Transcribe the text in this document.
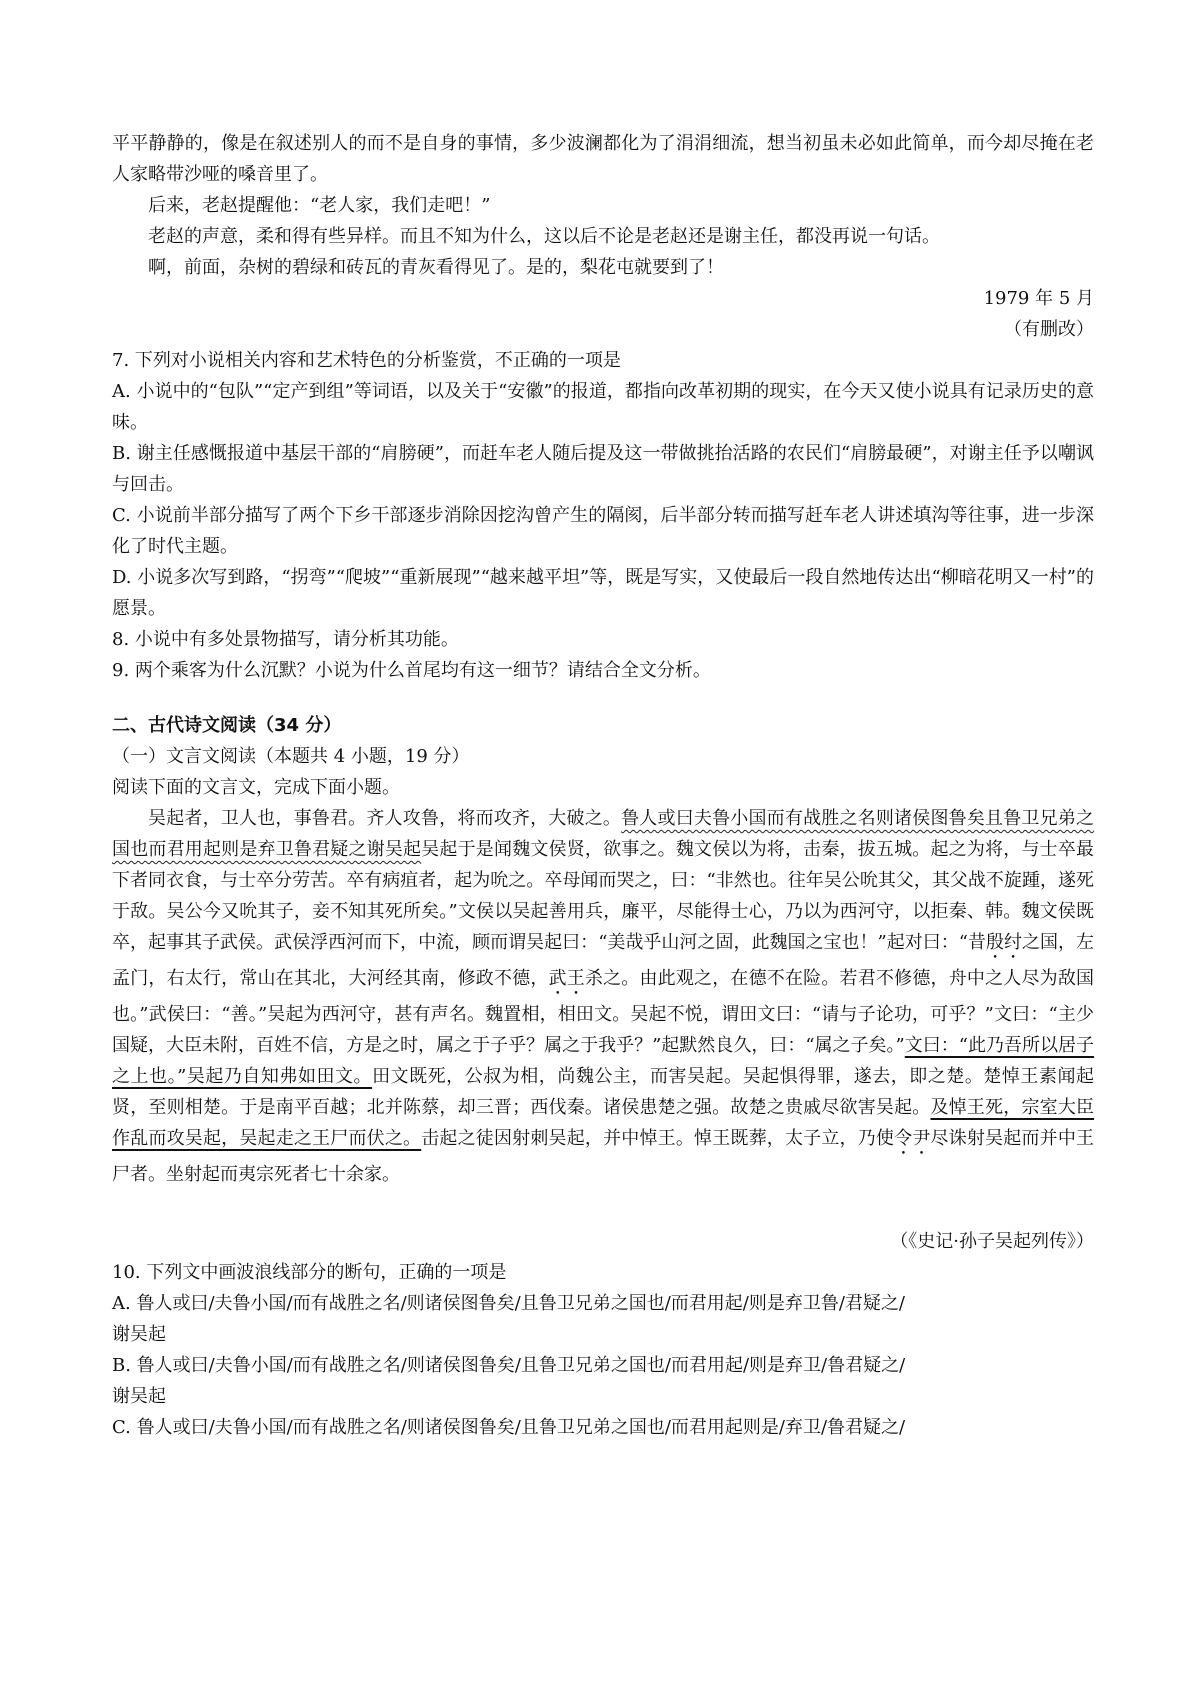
平平静静的，像是在叙述别人的而不是自身的事情，多少波澜都化为了涓涓细流，想当初虽未必如此简单，而今却尽掩在老人家略带沙哑的嗓音里了。

后来，老赵提醒他：“老人家，我们走吧！”

老赵的声意，柔和得有些异样。而且不知为什么，这以后不论是老赵还是谢主任，都没再说一句话。

啊，前面，杂树的碧绿和砖瓦的青灰看得见了。是的，梨花屯就要到了！

1979 年 5 月

（有删改）

7. 下列对小说相关内容和艺术特色的分析鉴赏，不正确的一项是

A. 小说中的“包队”“定产到组”等词语，以及关于“安徽”的报道，都指向改革初期的现实，在今天又使小说具有记录历史的意味。

B. 谢主任感慨报道中基层干部的“肩膀硬”，而赶车老人随后提及这一带做挑抬活路的农民们“肩膀最硬”，对谢主任予以嘲讽与回击。

C. 小说前半部分描写了两个下乡干部逐步消除因挖沟曾产生的隔阂，后半部分转而描写赶车老人讲述填沟等往事，进一步深化了时代主题。

D. 小说多次写到路，“拐弯”“爬坡”“重新展现”“越来越平坦”等，既是写实，又使最后一段自然地传达出“柳暗花明又一村”的愿景。

8. 小说中有多处景物描写，请分析其功能。

9. 两个乘客为什么沉默？小说为什么首尾均有这一细节？请结合全文分析。

二、古代诗文阅读（34 分）

（一）文言文阅读（本题共 4 小题，19 分）

阅读下面的文言文，完成下面小题。

吴起者，卫人也，事鲁君。齐人攻鲁，将而攻齐，大破之。鲁人或曰夫鲁小国而有战胜之名则诸侯图鲁矣且鲁卫兄弟之国也而君用起则是弃卫鲁君疑之谢吴起吴起于是闻魏文侯贤，欲事之。魏文侯以为将，击秦，拔五城。起之为将，与士卒最下者同衣食，与士卒分劳苦。卒有病疽者，起为吮之。卒母闻而哭之，曰：“非然也。往年吴公吮其父，其父战不旋踵，遂死于敌。吴公今又吮其子，妾不知其死所矣。”文侯以吴起善用兵，廉平，尽能得士心，乃以为西河守，以拒秦、韩。魏文侯既卒，起事其子武侯。武侯浮西河而下，中流，顾而谓吴起曰：“美哉乎山河之固，此魏国之宝也！”起对曰：“昔殷纣之国，左孟门，右太行，常山在其北，大河经其南，修政不德，武王杀之。由此观之，在德不在险。若君不修德，舟中之人尽为敌国也。”武侯曰：“善。”吴起为西河守，甚有声名。魏置相，相田文。吴起不悦，谓田文曰：“请与子论功，可乎？”文曰：“主少国疑，大臣未附，百姓不信，方是之时，属之于子乎？属之于我乎？”起默然良久，曰：“属之子矣。”文曰：“此乃吾所以居子之上也。”吴起乃自知弗如田文。田文既死，公叔为相，尚魏公主，而害吴起。吴起惧得罪，遂去，即之楚。楚悼王素闻起贤，至则相楚。于是南平百越；北并陈蔡，却三晋；西伐秦。诸侯患楚之强。故楚之贵戚尽欲害吴起。及悼王死，宗室大臣作乱而攻吴起，吴起走之王尸而伏之。击起之徒因射刺吴起，并中悼王。悼王既葬，太子立，乃使令尹尽诛射吴起而并中王尸者。坐射起而夷宗死者七十余家。

（《史记·孙子吴起列传》）

10. 下列文中画波浪线部分的断句，正确的一项是

A. 鲁人或曰/夫鲁小国/而有战胜之名/则诸侯图鲁矣/且鲁卫兄弟之国也/而君用起/则是弃卫鲁/君疑之/
谢吴起

B. 鲁人或曰/夫鲁小国/而有战胜之名/则诸侯图鲁矣/且鲁卫兄弟之国也/而君用起/则是弃卫/鲁君疑之/
谢吴起

C. 鲁人或曰/夫鲁小国/而有战胜之名/则诸侯图鲁矣/且鲁卫兄弟之国也/而君用起则是/弃卫/鲁君疑之/
